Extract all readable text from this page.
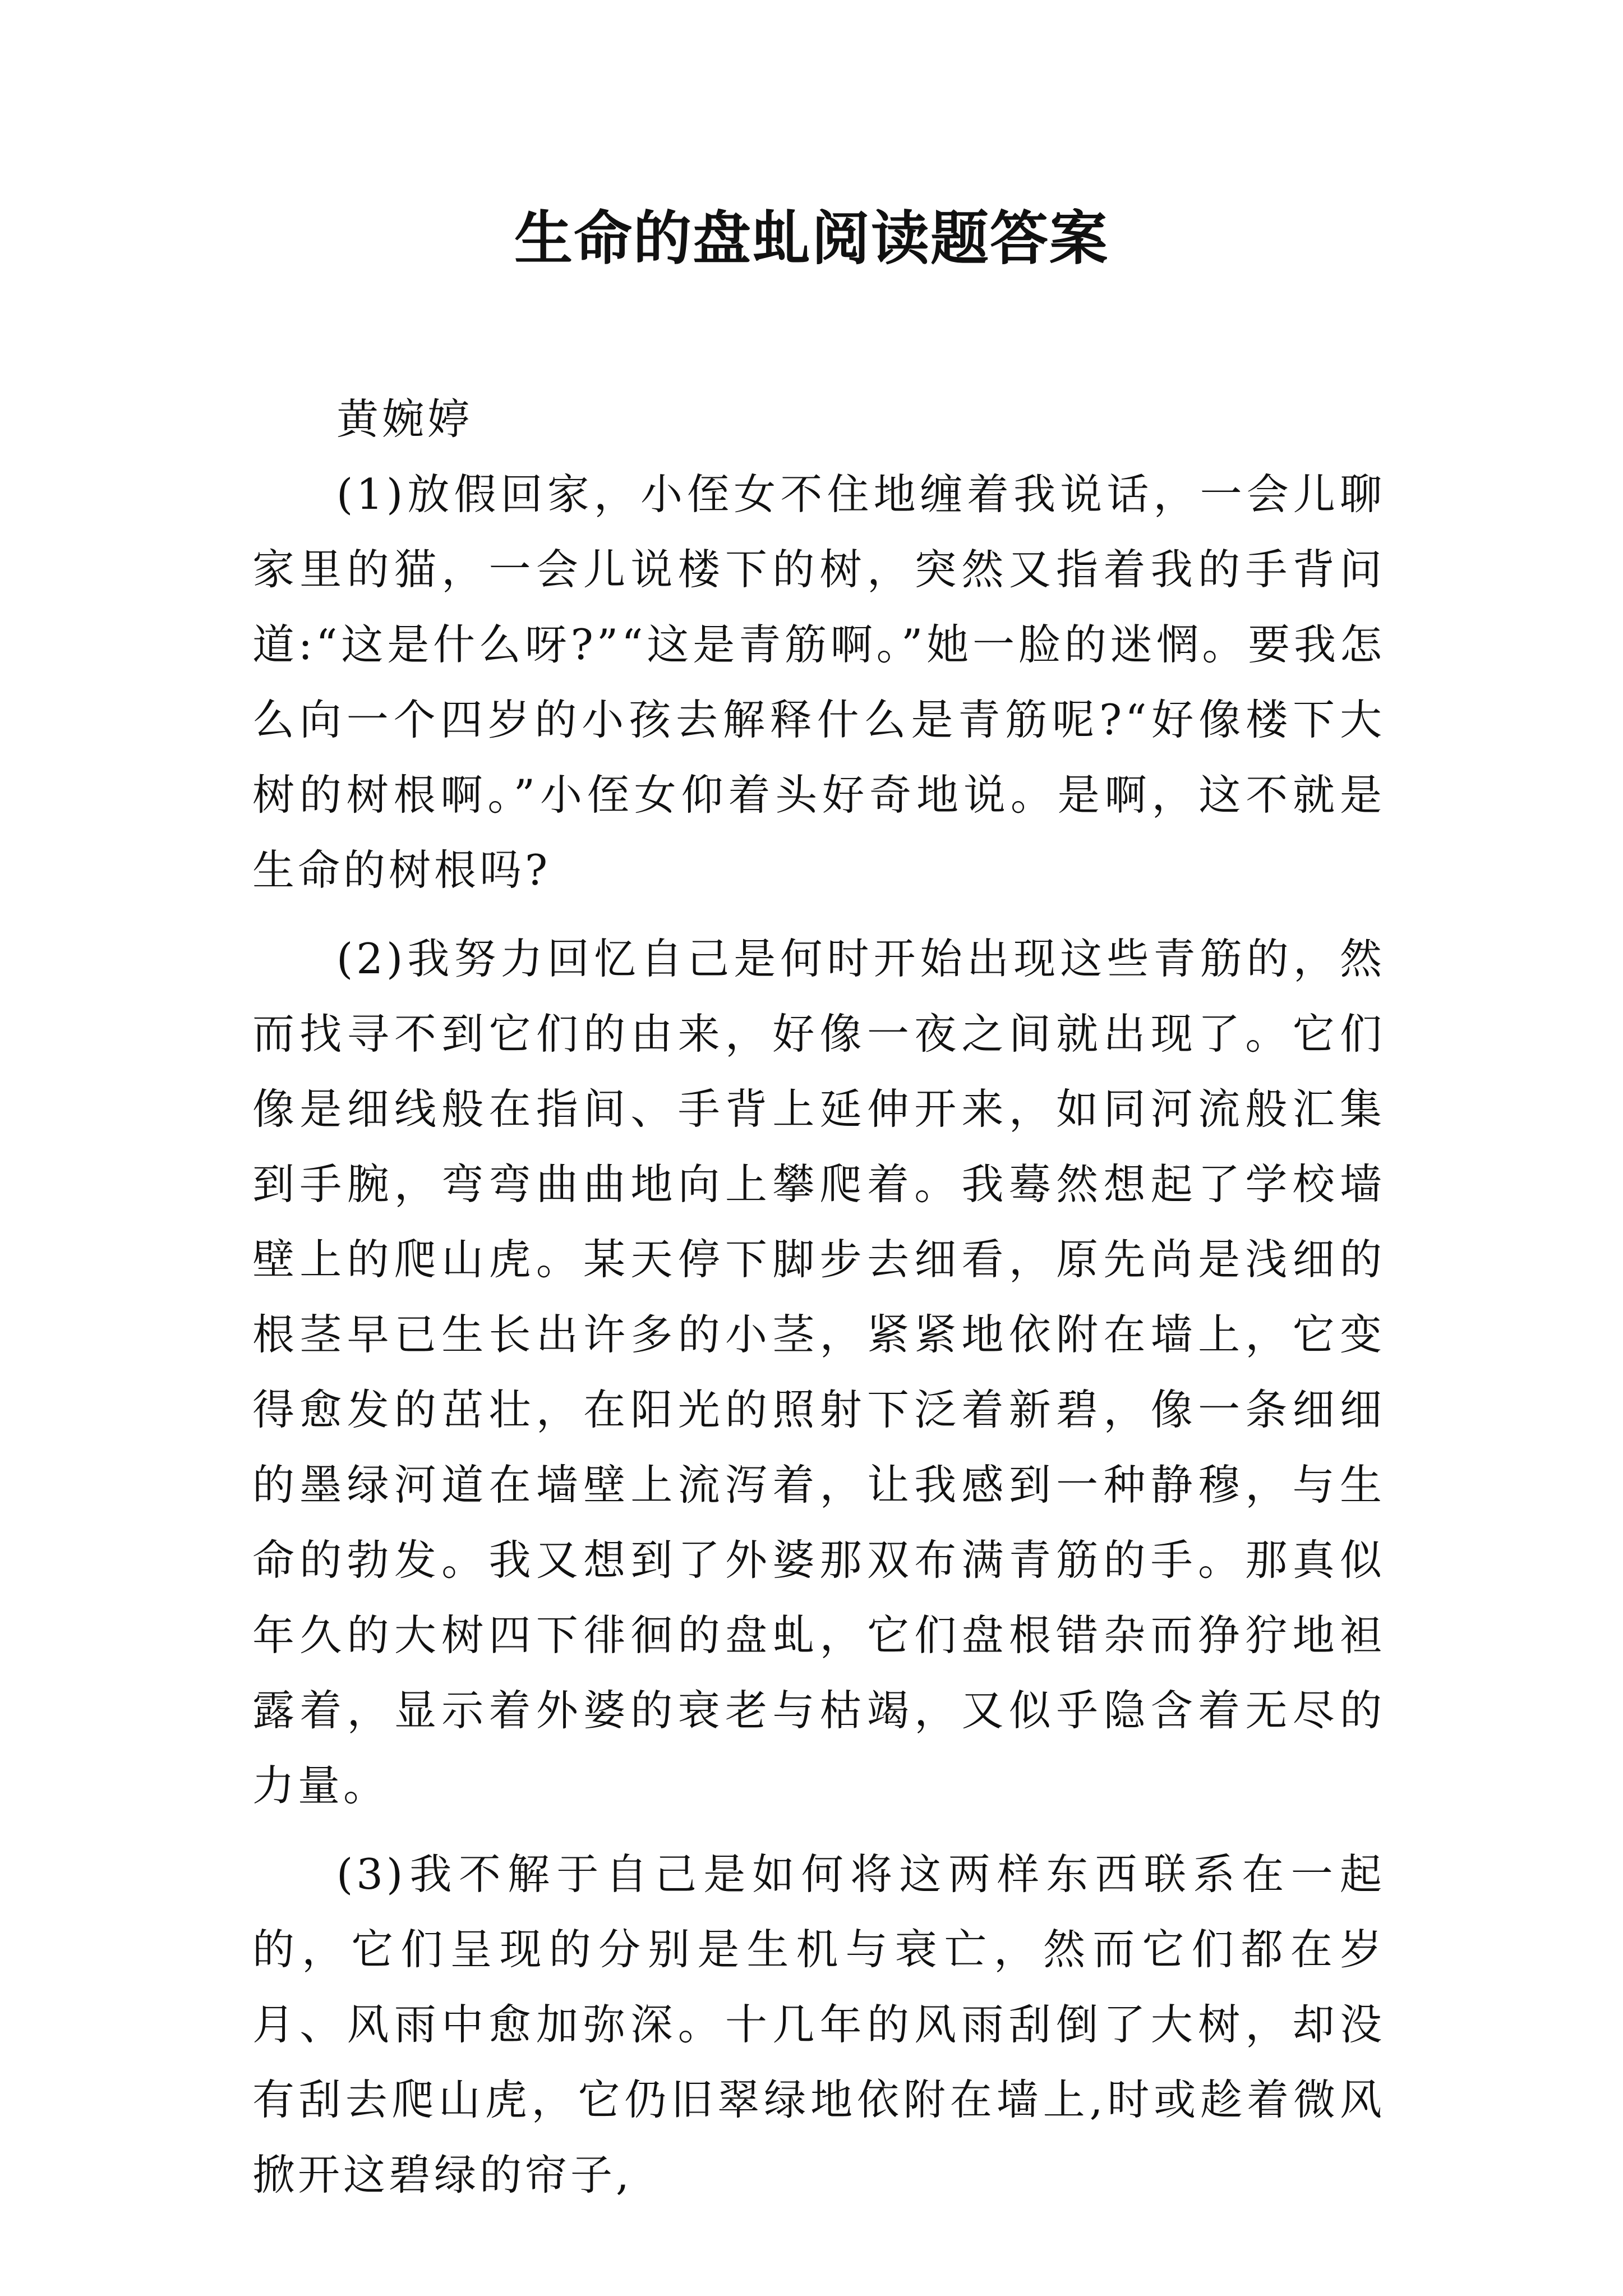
生命的盘虬阅读题答案

黄婉婷

(1)放假回家，小侄女不住地缠着我说话，一会儿聊家里的猫，一会儿说楼下的树，突然又指着我的手背问道:“这是什么呀?”“这是青筋啊。”她一脸的迷惘。要我怎么向一个四岁的小孩去解释什么是青筋呢?“好像楼下大树的树根啊。”小侄女仰着头好奇地说。是啊，这不就是生命的树根吗?

(2)我努力回忆自己是何时开始出现这些青筋的，然而找寻不到它们的由来，好像一夜之间就出现了。它们像是细线般在指间、手背上延伸开来，如同河流般汇集到手腕，弯弯曲曲地向上攀爬着。我蓦然想起了学校墙壁上的爬山虎。某天停下脚步去细看，原先尚是浅细的根茎早已生长出许多的小茎，紧紧地依附在墙上，它变得愈发的茁壮，在阳光的照射下泛着新碧，像一条细细的墨绿河道在墙壁上流泻着，让我感到一种静穆，与生命的勃发。我又想到了外婆那双布满青筋的手。那真似年久的大树四下徘徊的盘虬，它们盘根错杂而狰狞地袒露着，显示着外婆的衰老与枯竭，又似乎隐含着无尽的力量。

(3)我不解于自己是如何将这两样东西联系在一起的，它们呈现的分别是生机与衰亡，然而它们都在岁月、风雨中愈加弥深。十几年的风雨刮倒了大树，却没有刮去爬山虎，它仍旧翠绿地依附在墙上,时或趁着微风掀开这碧绿的帘子,
